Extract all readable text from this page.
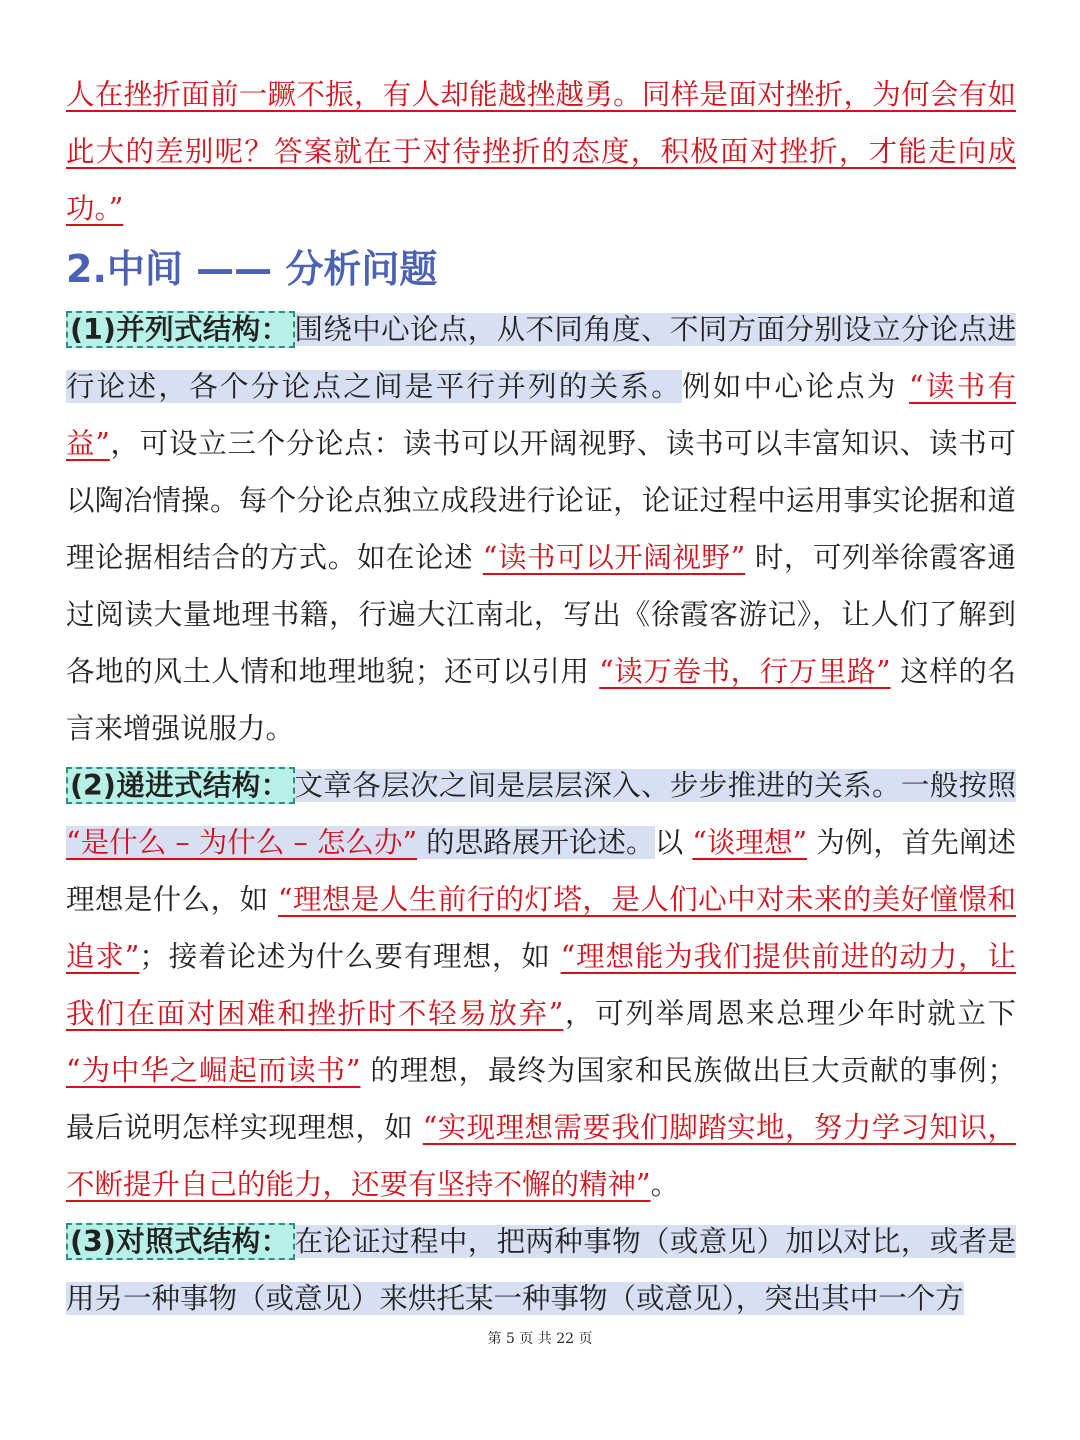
人在挫折面前一蹶不振，有人却能越挫越勇。同样是面对挫折，为何会有如此大的差别呢？答案就在于对待挫折的态度，积极面对挫折，才能走向成功。”

2.中间 —— 分析问题

(1)并列式结构： 围绕中心论点，从不同角度、不同方面分别设立分论点进行论述，各个分论点之间是平行并列的关系。例如中心论点为 “读书有益”，可设立三个分论点：读书可以开阔视野、读书可以丰富知识、读书可以陶冶情操。每个分论点独立成段进行论证，论证过程中运用事实论据和道理论据相结合的方式。如在论述 “读书可以开阔视野” 时，可列举徐霞客通过阅读大量地理书籍，行遍大江南北，写出《徐霞客游记》，让人们了解到各地的风土人情和地理地貌；还可以引用 “读万卷书，行万里路” 这样的名言来增强说服力。

(2)递进式结构： 文章各层次之间是层层深入、步步推进的关系。一般按照 “是什么 – 为什么 – 怎么办” 的思路展开论述。以 “谈理想” 为例，首先阐述理想是什么，如 “理想是人生前行的灯塔，是人们心中对未来的美好憧憬和追求”；接着论述为什么要有理想，如 “理想能为我们提供前进的动力，让我们在面对困难和挫折时不轻易放弃”，可列举周恩来总理少年时就立下 “为中华之崛起而读书” 的理想，最终为国家和民族做出巨大贡献的事例；最后说明怎样实现理想，如 “实现理想需要我们脚踏实地，努力学习知识，不断提升自己的能力，还要有坚持不懈的精神”。

(3)对照式结构： 在论证过程中，把两种事物（或意见）加以对比，或者是用另一种事物（或意见）来烘托某一种事物（或意见），突出其中一个方

第 5 页 共 22 页
